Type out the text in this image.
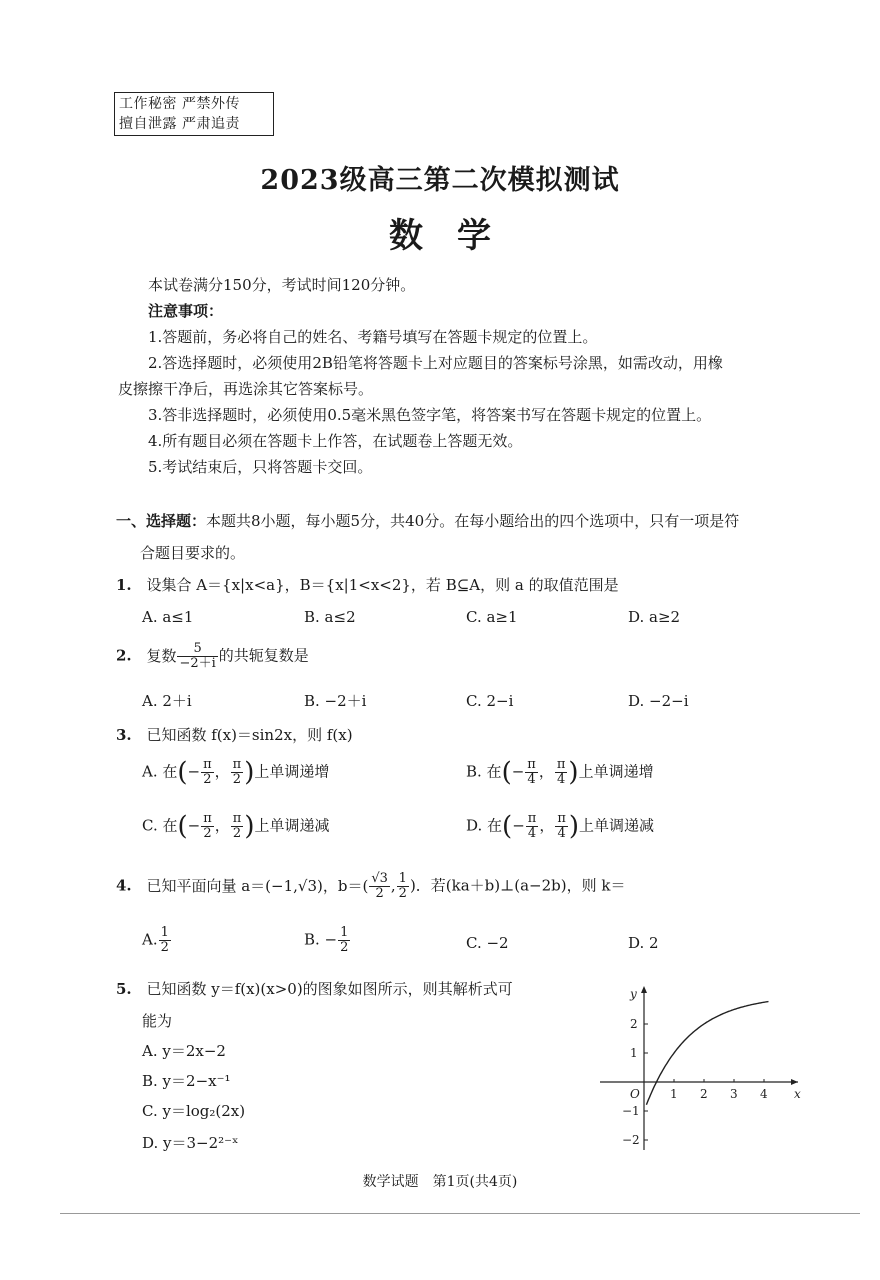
工作秘密 严禁外传
擅自泄露 严肃追责
2023级高三第二次模拟测试
数学
本试卷满分150分，考试时间120分钟。
注意事项：
1.答题前，务必将自己的姓名、考籍号填写在答题卡规定的位置上。
2.答选择题时，必须使用2B铅笔将答题卡上对应题目的答案标号涂黑，如需改动，用橡
皮擦擦干净后，再选涂其它答案标号。
3.答非选择题时，必须使用0.5毫米黑色签字笔，将答案书写在答题卡规定的位置上。
4.所有题目必须在答题卡上作答，在试题卷上答题无效。
5.考试结束后，只将答题卡交回。
一、选择题：本题共8小题，每小题5分，共40分。在每小题给出的四个选项中，只有一项是符
合题目要求的。
1. 设集合 A＝{x|x<a}，B＝{x|1<x<2}，若 B⊆A，则 a 的取值范围是
A. a≤1	B. a≤2	C. a≥1	D. a≥2
2. 复数 $\frac{5}{-2+i}$ 的共轭复数是
A. 2＋i	B. −2＋i	C. 2−i	D. −2−i
3. 已知函数 f(x)＝sin2x，则 f(x)
A. 在(− $\frac{\pi}{2}$ ， $\frac{\pi}{2}$ )上单调递增	B. 在(− $\frac{\pi}{4}$ ， $\frac{\pi}{4}$ )上单调递增
C. 在(− $\frac{\pi}{2}$ ， $\frac{\pi}{2}$ )上单调递减	D. 在(− $\frac{\pi}{4}$ ， $\frac{\pi}{4}$ )上单调递减
4. 已知平面向量 a＝(−1,√3)，$b=( \frac{√3}{2}$ , $\frac{1}{2}$ )．若(ka＋b)⊥(a−2b)，则 k＝
A. $\frac{1}{2}$	B. − $\frac{1}{2}$	C. −2	D. 2
5. 已知函数 y＝f(x)(x>0)的图象如图所示，则其解析式可
能为
A. y＝2x−2
B. y＝2−x⁻¹
C. y＝log₂(2x)
D. y＝3−2²⁻ˣ
x
y
O	1 2 3 4
2
1
−1
−2
数学试题　第1页(共4页)
